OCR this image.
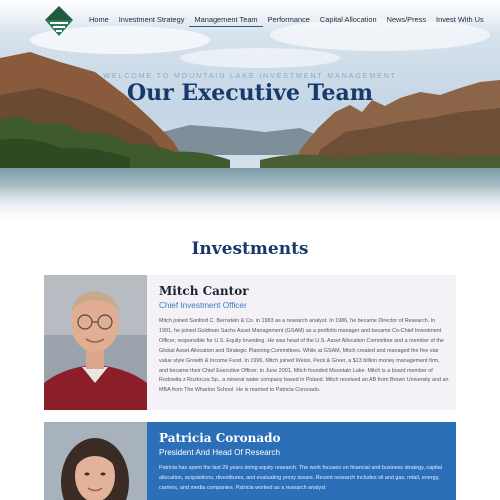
WELCOME TO MOUNTAIN LAKE INVESTMENT MANAGEMENT
Our Executive Team
Home	Investment Strategy	Management Team	Performance	Capital Allocation	News/Press	Invest With Us
Investments
Mitch Cantor
Chief Investment Officer
Mitch joined Sanford C. Bernstein & Co. in 1983 as a research analyst. In 1986, he became Director of Research. In 1991, he joined Goldman Sachs Asset Management (GSAM) as a portfolio manager and became Co-Chief Investment Officer, responsible for U.S. Equity Investing. He was head of the U.S. Asset Allocation Committee and a member of the Global Asset Allocation and Strategic Planning Committees. While at GSAM, Mitch created and managed the five star value style Growth & Income Fund. In 1996, Mitch joined Weiss, Peck & Greer, a $13 billion money management firm, and became their Chief Executive Officer. In June 2001, Mitch founded Mountain Lake. Mitch is a board member of Rodowita z Roztocza Sp., a mineral water company based in Poland. Mitch received an AB from Brown University and an MBA from The Wharton School. He is married to Patricia Coronado.
Patricia Coronado
President And Head Of Research
Patricia has spent the last 29 years doing equity research. The work focuses on financial and business strategy, capital allocation, acquisitions, divestitures, and evaluating proxy issues. Recent research includes oil and gas, retail, energy, carriers, and media companies. Patricia worked as a research analyst
